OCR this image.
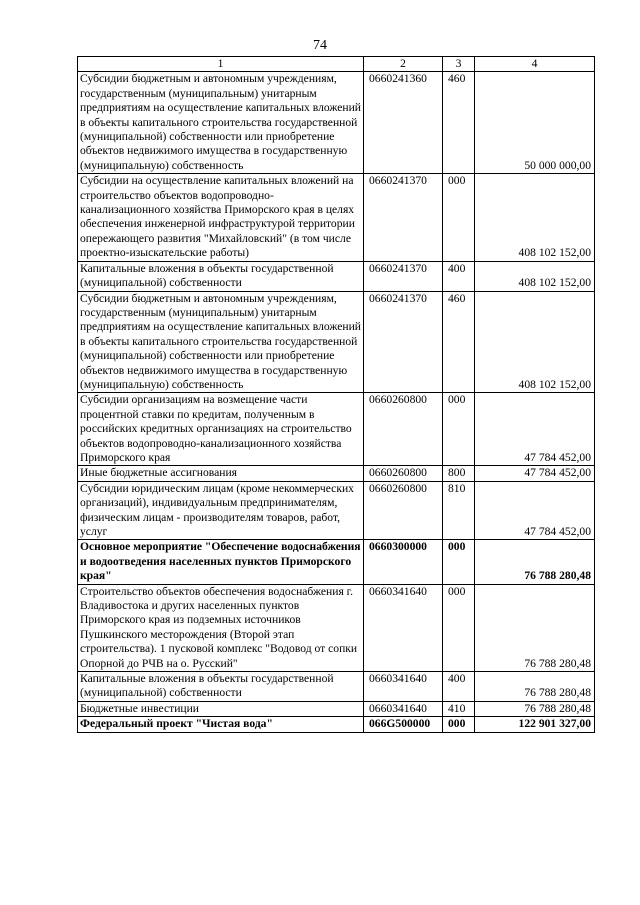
74
1	2	3	4
Субсидии бюджетным и автономным учреждениям, государственным (муниципальным) унитарным предприятиям на осуществление капитальных вложений в объекты капитального строительства государственной (муниципальной) собственности или приобретение объектов недвижимого имущества в государственную (муниципальную) собственность	0660241360	460	50 000 000,00
Субсидии на осуществление капитальных вложений на строительство объектов водопроводно-канализационного хозяйства Приморского края в целях обеспечения инженерной инфраструктурой территории опережающего развития "Михайловский" (в том числе проектно-изыскательские работы)	0660241370	000	408 102 152,00
Капитальные вложения в объекты государственной (муниципальной) собственности	0660241370	400	408 102 152,00
Субсидии бюджетным и автономным учреждениям, государственным (муниципальным) унитарным предприятиям на осуществление капитальных вложений в объекты капитального строительства государственной (муниципальной) собственности или приобретение объектов недвижимого имущества в государственную (муниципальную) собственность	0660241370	460	408 102 152,00
Субсидии организациям на возмещение части процентной ставки по кредитам, полученным в российских кредитных организациях на строительство объектов водопроводно-канализационного хозяйства Приморского края	0660260800	000	47 784 452,00
Иные бюджетные ассигнования	0660260800	800	47 784 452,00
Субсидии юридическим лицам (кроме некоммерческих организаций), индивидуальным предпринимателям, физическим лицам - производителям товаров, работ, услуг	0660260800	810	47 784 452,00
Основное мероприятие "Обеспечение водоснабжения и водоотведения населенных пунктов Приморского края"	0660300000	000	76 788 280,48
Строительство объектов обеспечения водоснабжения г. Владивостока и других населенных пунктов Приморского края из подземных источников Пушкинского месторождения (Второй этап строительства). 1 пусковой комплекс "Водовод от сопки Опорной до РЧВ на о. Русский"	0660341640	000	76 788 280,48
Капитальные вложения в объекты государственной (муниципальной) собственности	0660341640	400	76 788 280,48
Бюджетные инвестиции	0660341640	410	76 788 280,48
Федеральный проект "Чистая вода"	066G500000	000	122 901 327,00
